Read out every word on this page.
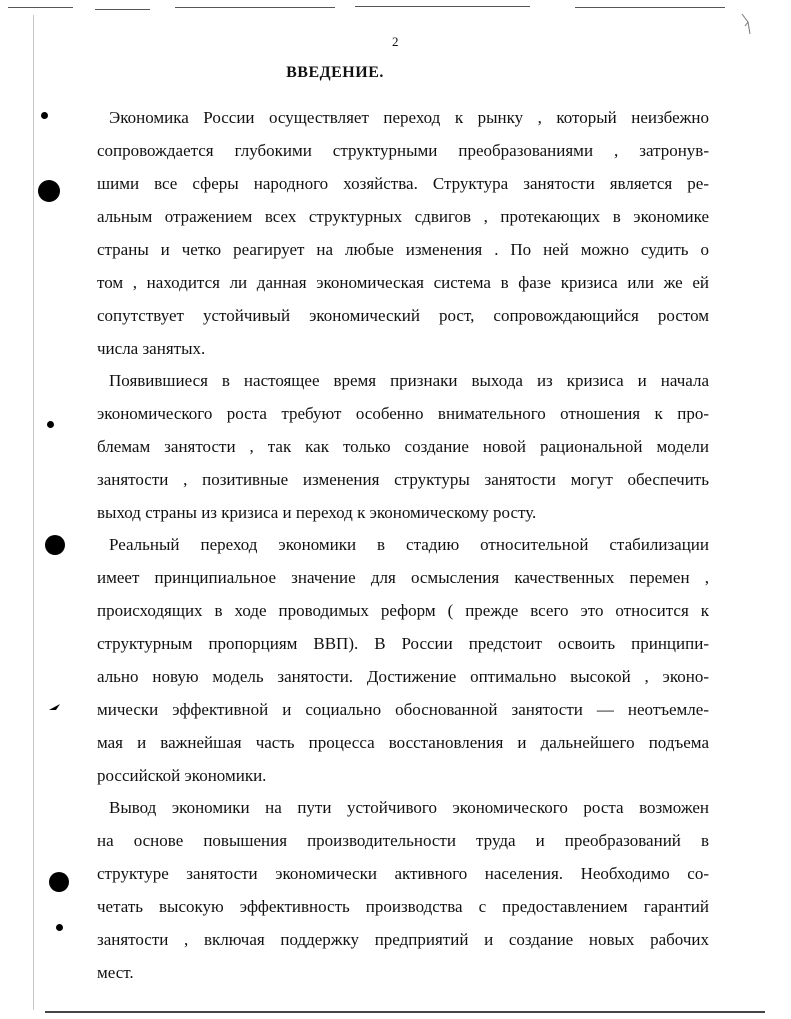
2
ВВЕДЕНИЕ.
Экономика России осуществляет переход к рынку , который неизбежно
сопровождается глубокими структурными преобразованиями , затронув-
шими все сферы народного хозяйства. Структура занятости является ре-
альным отражением всех структурных сдвигов , протекающих в экономике
страны и четко реагирует на любые изменения . По ней можно судить о
том , находится ли данная экономическая система в фазе кризиса или же ей
сопутствует устойчивый экономический рост, сопровождающийся ростом
числа занятых.
Появившиеся в настоящее время признаки выхода из кризиса и начала
экономического роста требуют особенно внимательного отношения к про-
блемам занятости , так как только создание новой рациональной модели
занятости , позитивные изменения структуры занятости могут обеспечить
выход страны из кризиса и переход к экономическому росту.
Реальный переход экономики в стадию относительной стабилизации
имеет принципиальное значение для осмысления качественных перемен ,
происходящих в ходе проводимых реформ ( прежде всего это относится к
структурным пропорциям ВВП). В России предстоит освоить принципи-
ально новую модель занятости. Достижение оптимально высокой , эконо-
мически эффективной и социально обоснованной занятости — неотъемле-
мая и важнейшая часть процесса восстановления и дальнейшего подъема
российской экономики.
Вывод экономики на пути устойчивого экономического роста возможен
на основе повышения производительности труда и преобразований в
структуре занятости экономически активного населения. Необходимо со-
четать высокую эффективность производства с предоставлением гарантий
занятости , включая поддержку предприятий и создание новых рабочих
мест.
